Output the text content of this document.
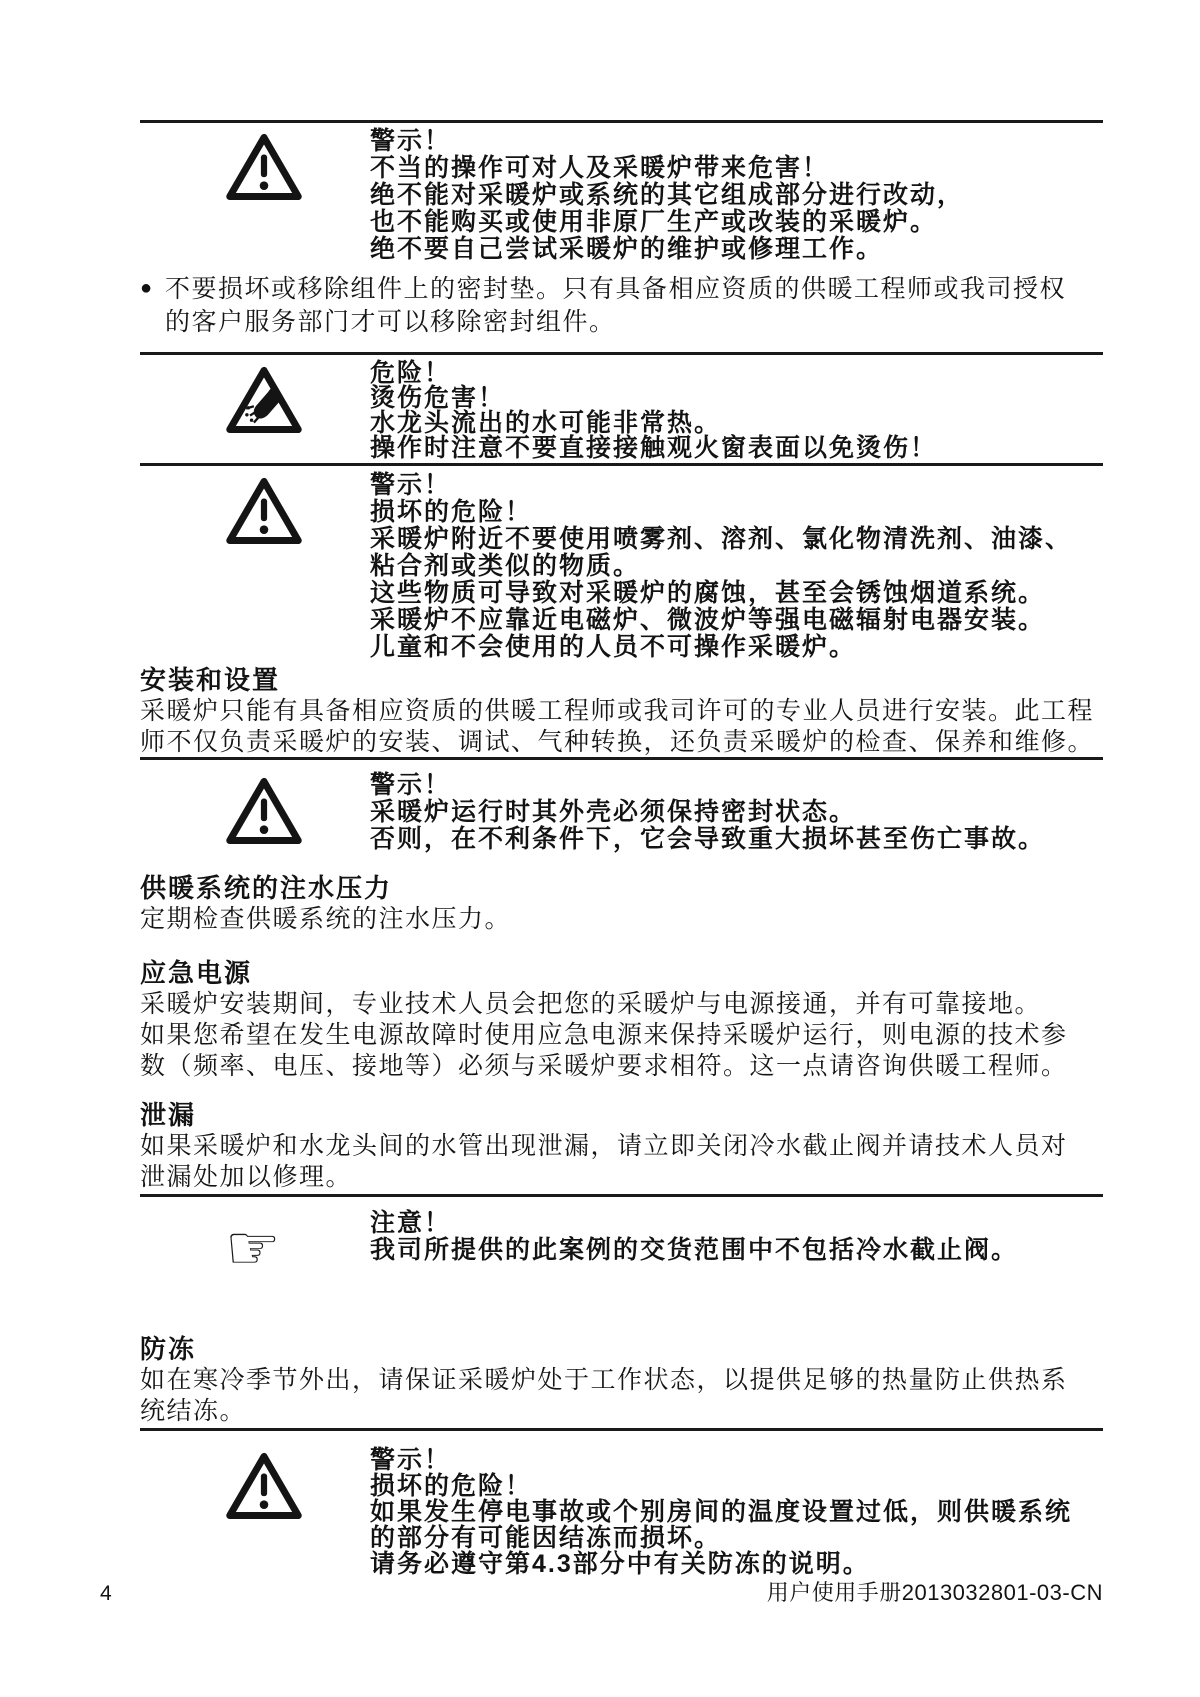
警示！
不当的操作可对人及采暖炉带来危害！
绝不能对采暖炉或系统的其它组成部分进行改动，
也不能购买或使用非原厂生产或改装的采暖炉。
绝不要自己尝试采暖炉的维护或修理工作。
● 不要损坏或移除组件上的密封垫。只有具备相应资质的供暖工程师或我司授权
的客户服务部门才可以移除密封组件。
危险！
烫伤危害！
水龙头流出的水可能非常热。
操作时注意不要直接接触观火窗表面以免烫伤！
警示！
损坏的危险！
采暖炉附近不要使用喷雾剂、溶剂、氯化物清洗剂、油漆、
粘合剂或类似的物质。
这些物质可导致对采暖炉的腐蚀，甚至会锈蚀烟道系统。
采暖炉不应靠近电磁炉、微波炉等强电磁辐射电器安装。
儿童和不会使用的人员不可操作采暖炉。
安装和设置
采暖炉只能有具备相应资质的供暖工程师或我司许可的专业人员进行安装。此工程
师不仅负责采暖炉的安装、调试、气种转换，还负责采暖炉的检查、保养和维修。
警示！
采暖炉运行时其外壳必须保持密封状态。
否则，在不利条件下，它会导致重大损坏甚至伤亡事故。
供暖系统的注水压力
定期检查供暖系统的注水压力。
应急电源
采暖炉安装期间，专业技术人员会把您的采暖炉与电源接通，并有可靠接地。
如果您希望在发生电源故障时使用应急电源来保持采暖炉运行，则电源的技术参
数（频率、电压、接地等）必须与采暖炉要求相符。这一点请咨询供暖工程师。
泄漏
如果采暖炉和水龙头间的水管出现泄漏，请立即关闭冷水截止阀并请技术人员对
泄漏处加以修理。
☞	注意！
我司所提供的此案例的交货范围中不包括冷水截止阀。
防冻
如在寒冷季节外出，请保证采暖炉处于工作状态，以提供足够的热量防止供热系
统结冻。
警示！
损坏的危险！
如果发生停电事故或个别房间的温度设置过低，则供暖系统
的部分有可能因结冻而损坏。
请务必遵守第4.3部分中有关防冻的说明。
4	用户使用手册2013032801-03-CN
